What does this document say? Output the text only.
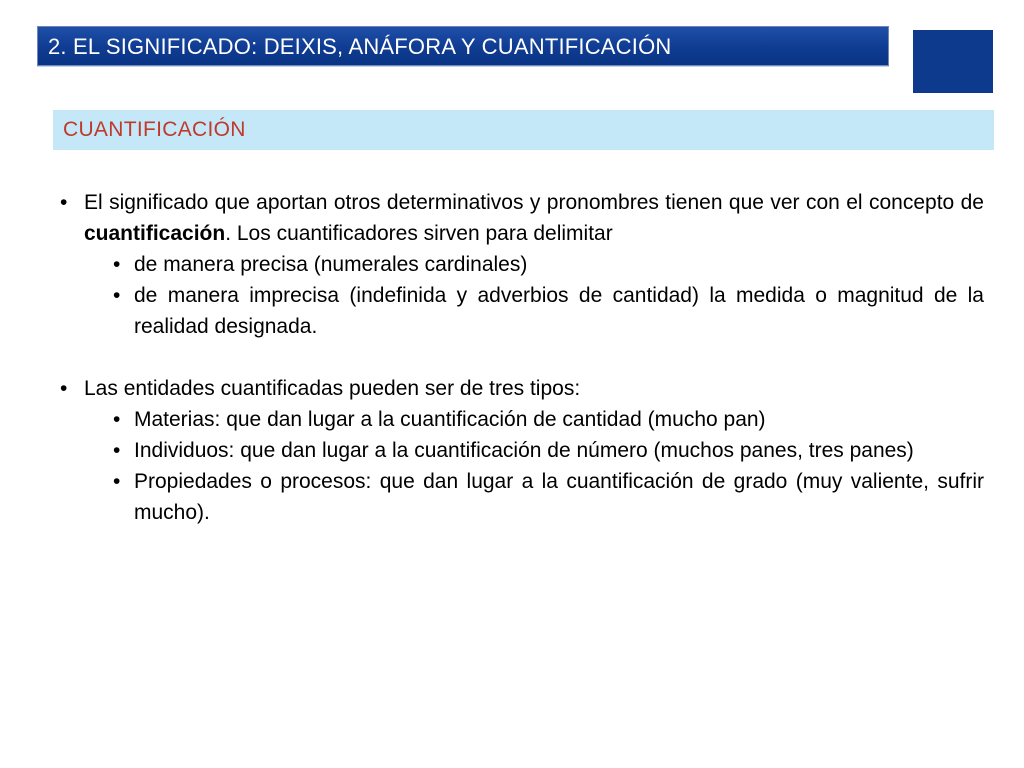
2. EL SIGNIFICADO: DEIXIS, ANÁFORA Y CUANTIFICACIÓN
CUANTIFICACIÓN
• El significado que aportan otros determinativos y pronombres tienen que ver con el concepto de cuantificación. Los cuantificadores sirven para delimitar
• de manera precisa (numerales cardinales)
• de manera imprecisa (indefinida y adverbios de cantidad) la medida o magnitud de la realidad designada.
• Las entidades cuantificadas pueden ser de tres tipos:
• Materias: que dan lugar a la cuantificación de cantidad (mucho pan)
• Individuos: que dan lugar a la cuantificación de número (muchos panes, tres panes)
• Propiedades o procesos: que dan lugar a la cuantificación de grado (muy valiente, sufrir mucho).
